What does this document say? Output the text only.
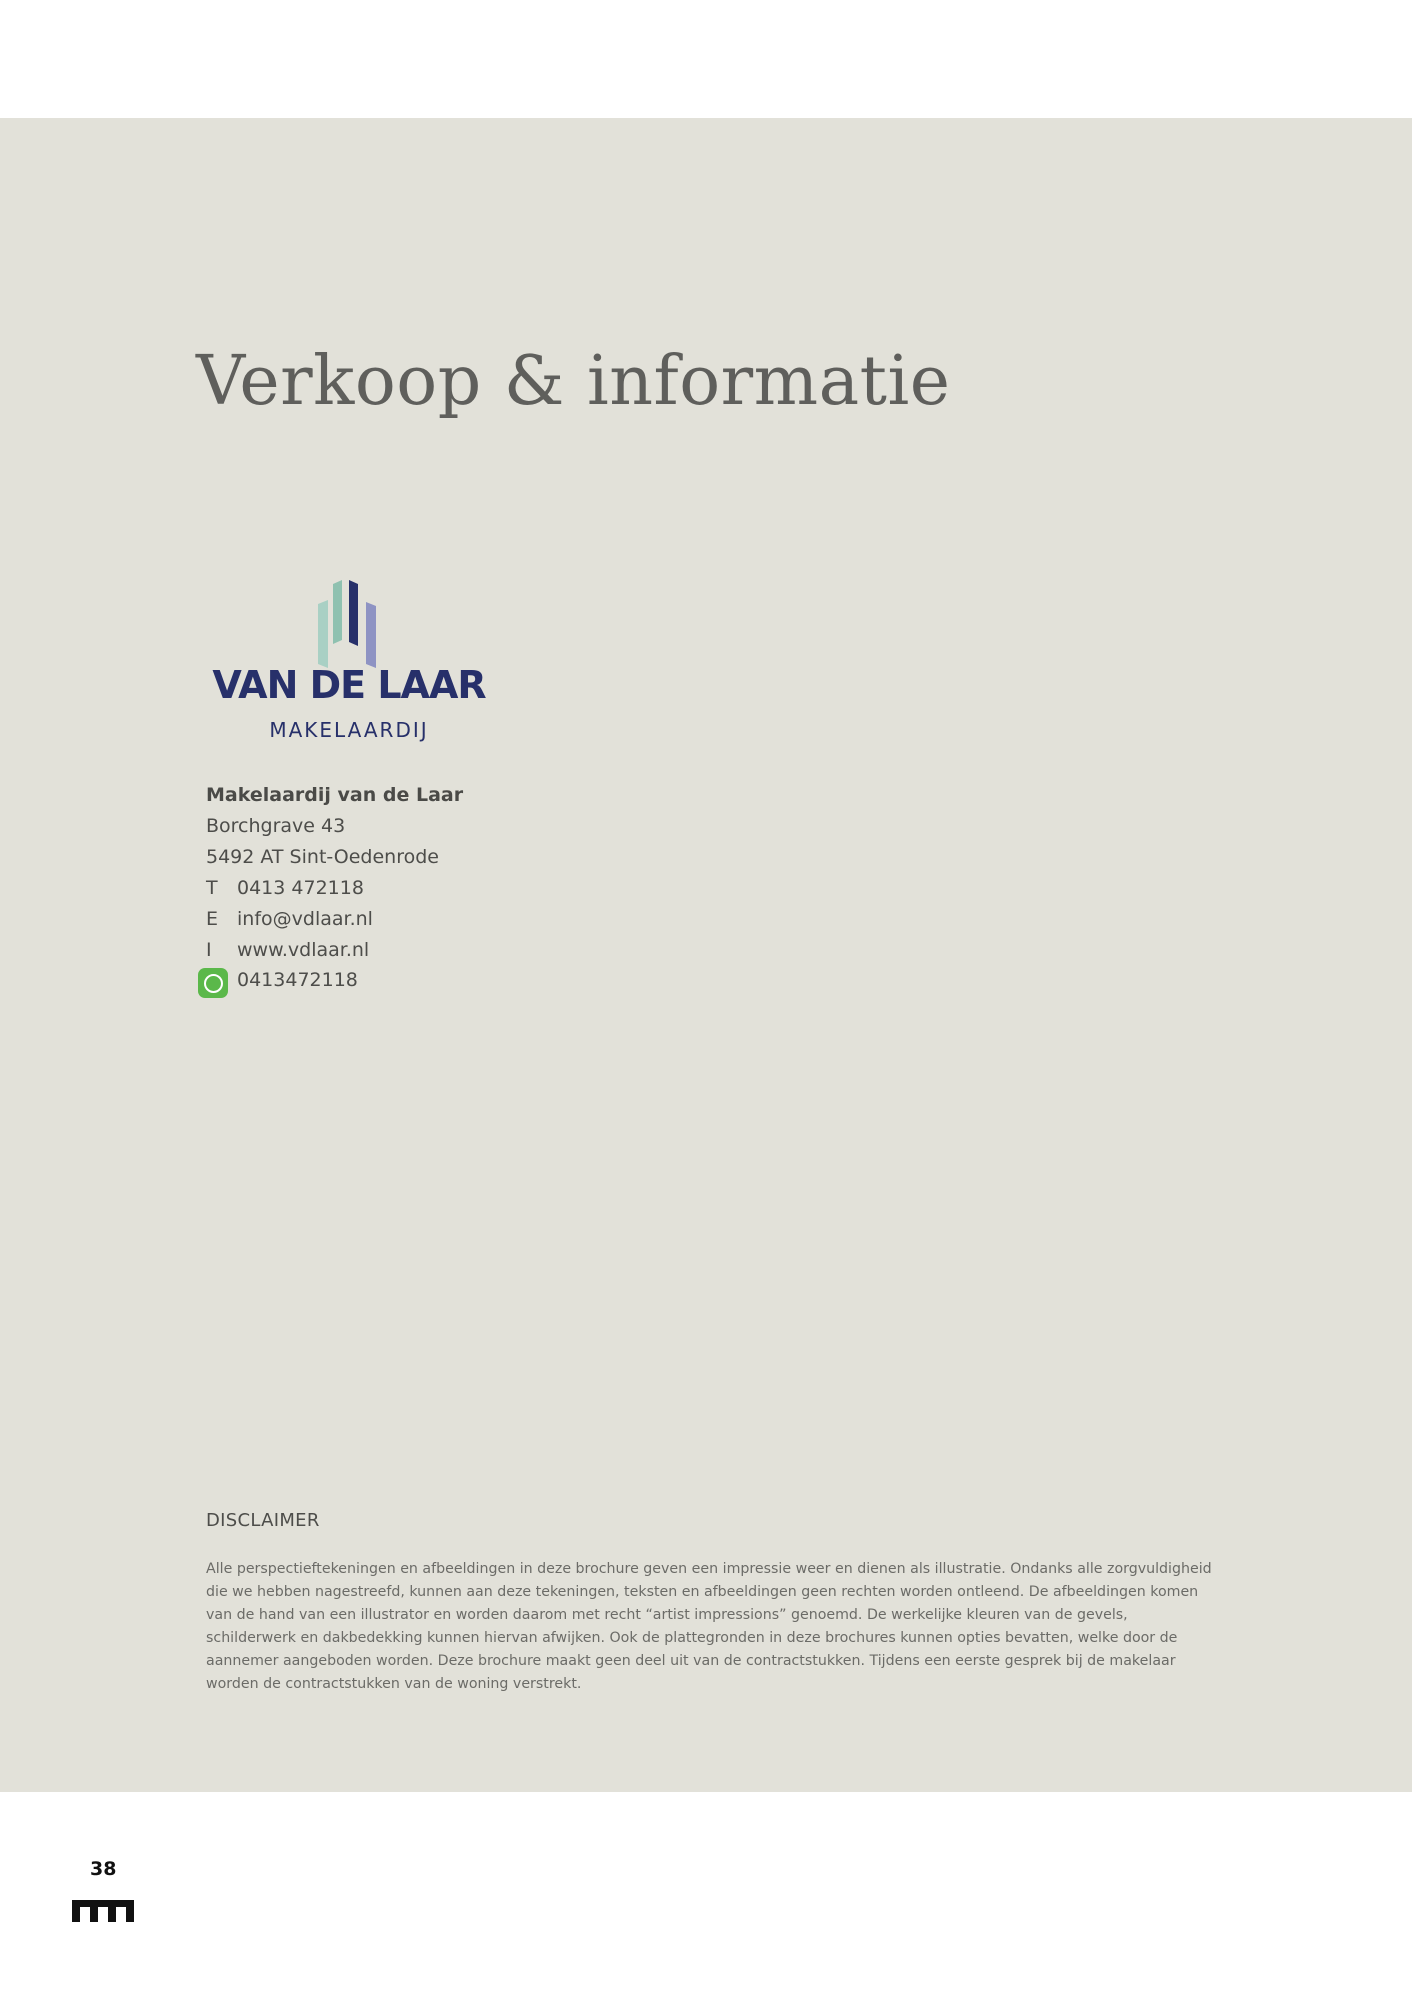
Verkoop & informatie
VAN DE LAAR
MAKELAARDIJ
Makelaardij van de Laar
Borchgrave 43
5492 AT Sint-Oedenrode
T 0413 472118
E info@vdlaar.nl
I www.vdlaar.nl
0413472118
DISCLAIMER

Alle perspectieftekeningen en afbeeldingen in deze brochure geven een impressie weer en dienen als illustratie. Ondanks alle zorgvuldigheid die we hebben nagestreefd, kunnen aan deze tekeningen, teksten en afbeeldingen geen rechten worden ontleend. De afbeeldingen komen van de hand van een illustrator en worden daarom met recht “artist impressions” genoemd. De werkelijke kleuren van de gevels, schilderwerk en dakbedekking kunnen hiervan afwijken. Ook de plattegronden in deze brochures kunnen opties bevatten, welke door de aannemer aangeboden worden. Deze brochure maakt geen deel uit van de contractstukken. Tijdens een eerste gesprek bij de makelaar worden de contractstukken van de woning verstrekt.

38
